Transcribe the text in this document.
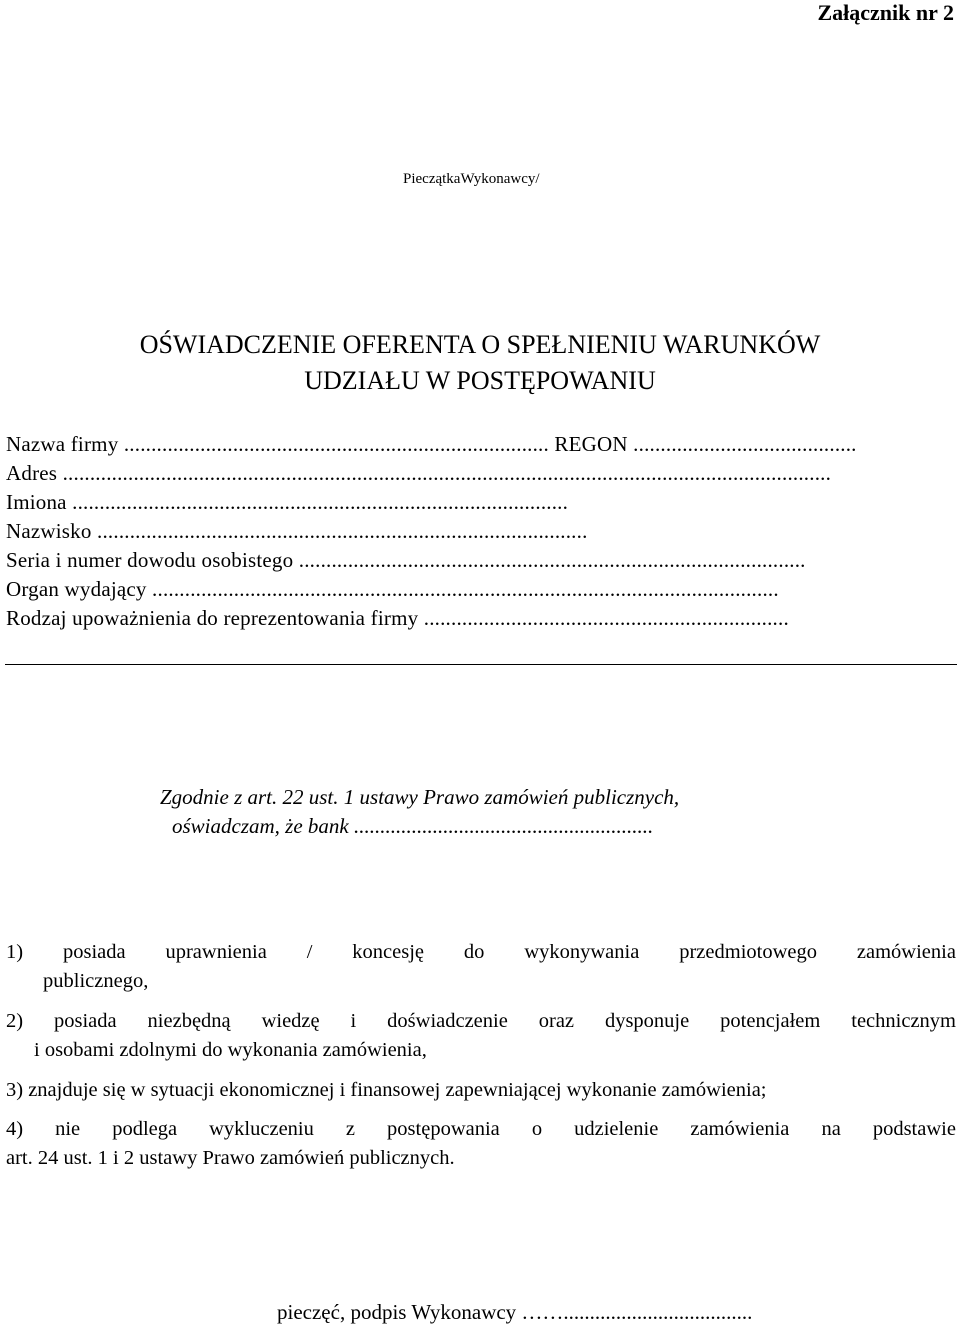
Załącznik nr 2
PieczątkaWykonawcy/
OŚWIADCZENIE OFERENTA O SPEŁNIENIU WARUNKÓW
UDZIAŁU W POSTĘPOWANIU
Nazwa firmy .............................................................................. REGON .........................................
Adres .............................................................................................................................................
Imiona ...........................................................................................
Nazwisko ..........................................................................................
Seria i numer dowodu osobistego .............................................................................................
Organ wydający ...................................................................................................................
Rodzaj upoważnienia do reprezentowania firmy ...................................................................
Zgodnie z art. 22 ust. 1 ustawy Prawo zamówień publicznych,
oświadczam, że bank .........................................................
1) posiada uprawnienia / koncesję do wykonywania przedmiotowego zamówienia
publicznego,
2) posiada niezbędną wiedzę i doświadczenie oraz dysponuje potencjałem technicznym
i osobami zdolnymi do wykonania zamówienia,
3) znajduje się w sytuacji ekonomicznej i finansowej zapewniającej wykonanie zamówienia;
4) nie podlega wykluczeniu z postępowania o udzielenie zamówienia na podstawie
art. 24 ust. 1 i 2 ustawy Prawo zamówień publicznych.
pieczęć, podpis Wykonawcy ……....................................
